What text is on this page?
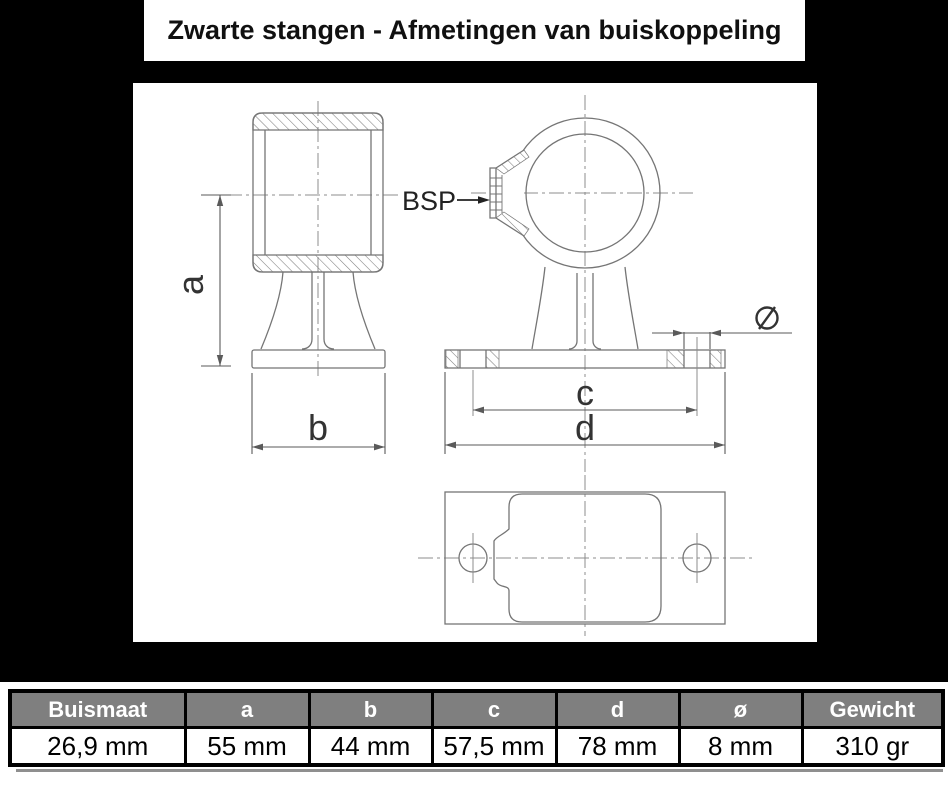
Zwarte stangen - Afmetingen van buiskoppeling
a
b
BSP
c
d
Buismaat	a	b	c	d	ø	Gewicht
26,9 mm	55 mm	44 mm	57,5 mm	78 mm	8 mm	310 gr
